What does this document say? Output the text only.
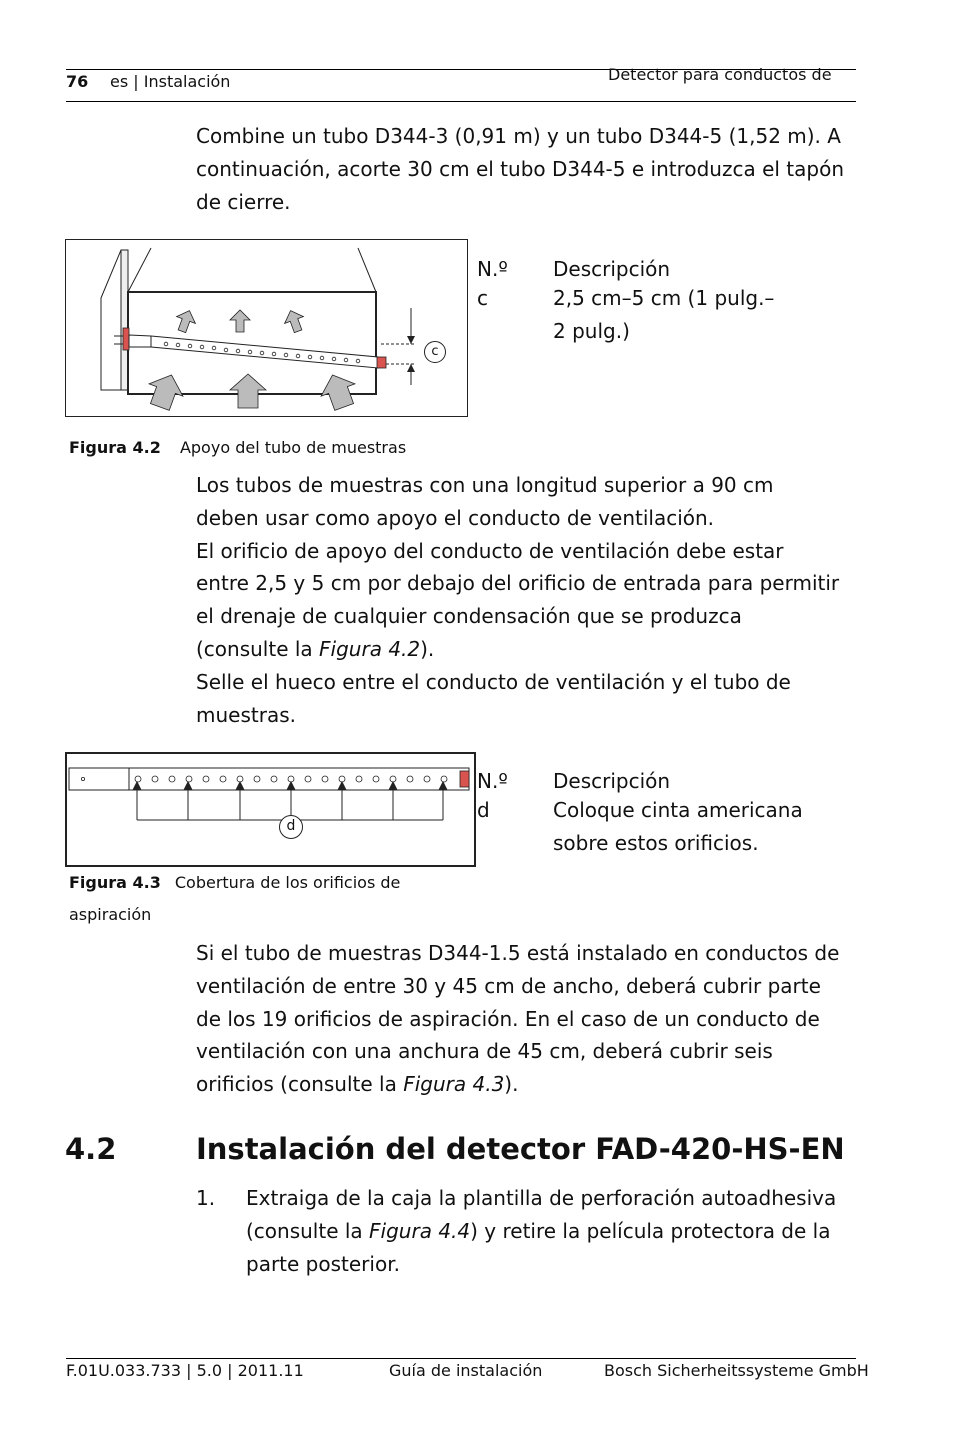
76 es | Instalación	Detector para conductos de
Combine un tubo D344-3 (0,91 m) y un tubo D344-5 (1,52 m). A continuación, acorte 30 cm el tubo D344-5 e introduzca el tapón de cierre.
c
N.º Descripción
c	2,5 cm–5 cm (1 pulg.–
2 pulg.)
Figura 4.2 Apoyo del tubo de muestras
Los tubos de muestras con una longitud superior a 90 cm
deben usar como apoyo el conducto de ventilación.
El orificio de apoyo del conducto de ventilación debe estar
entre 2,5 y 5 cm por debajo del orificio de entrada para permitir
el drenaje de cualquier condensación que se produzca
(consulte la Figura 4.2).
Selle el hueco entre el conducto de ventilación y el tubo de
muestras.
d
N.º Descripción
d	Coloque cinta americana
sobre estos orificios.
Figura 4.3 Cobertura de los orificios de
aspiración
Si el tubo de muestras D344-1.5 está instalado en conductos de
ventilación de entre 30 y 45 cm de ancho, deberá cubrir parte
de los 19 orificios de aspiración. En el caso de un conducto de
ventilación con una anchura de 45 cm, deberá cubrir seis
orificios (consulte la Figura 4.3).
4.2	Instalación del detector FAD-420-HS-EN
1. Extraiga de la caja la plantilla de perforación autoadhesiva
(consulte la Figura 4.4) y retire la película protectora de la
parte posterior.
F.01U.033.733 | 5.0 | 2011.11	Guía de instalación	Bosch Sicherheitssysteme GmbH
